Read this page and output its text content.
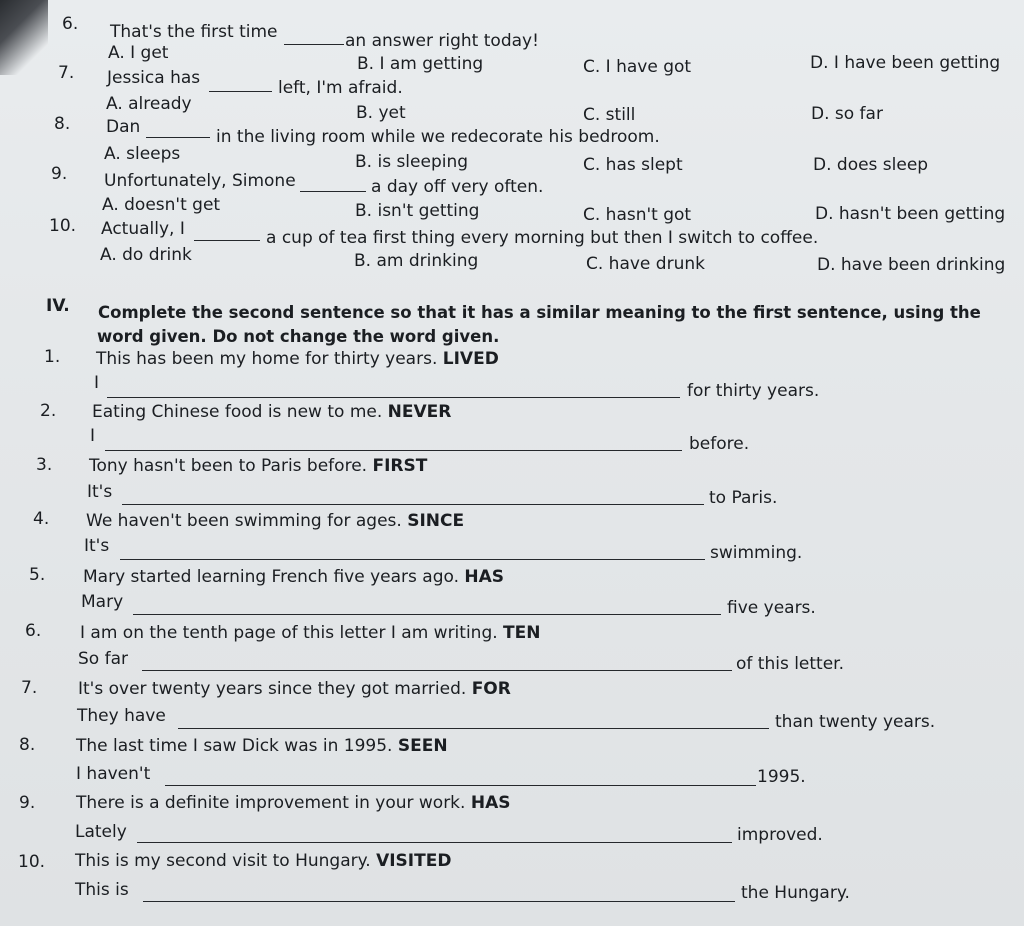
6. That's the first time	an answer right today!
A. I get
B. I am getting	C. I have got	D. I have been getting
7. Jessica has	left, I'm afraid.
A. already	B. yet	C. still	D. so far
8. Dan	in the living room while we redecorate his bedroom.
A. sleeps	B. is sleeping	C. has slept	D. does sleep
9. Unfortunately, Simone	a day off very often.
A. doesn't get	B. isn't getting	C. hasn't got	D. hasn't been getting
10. Actually, I	a cup of tea first thing every morning but then I switch to coffee.
A. do drink	B. am drinking	C. have drunk	D. have been drinking
IV. Complete the second sentence so that it has a similar meaning to the first sentence, using the
word given. Do not change the word given.
1. This has been my home for thirty years. LIVED
I	for thirty years.
2. Eating Chinese food is new to me. NEVER
I	before.
3. Tony hasn't been to Paris before. FIRST
It's	to Paris.
4. We haven't been swimming for ages. SINCE
It's	swimming.
5. Mary started learning French five years ago. HAS
Mary	five years.
6. I am on the tenth page of this letter I am writing. TEN
So far	of this letter.
7. It's over twenty years since they got married. FOR
They have	than twenty years.
8. The last time I saw Dick was in 1995. SEEN
I haven't	1995.
9. There is a definite improvement in your work. HAS
Lately	improved.
10. This is my second visit to Hungary. VISITED
This is	the Hungary.
